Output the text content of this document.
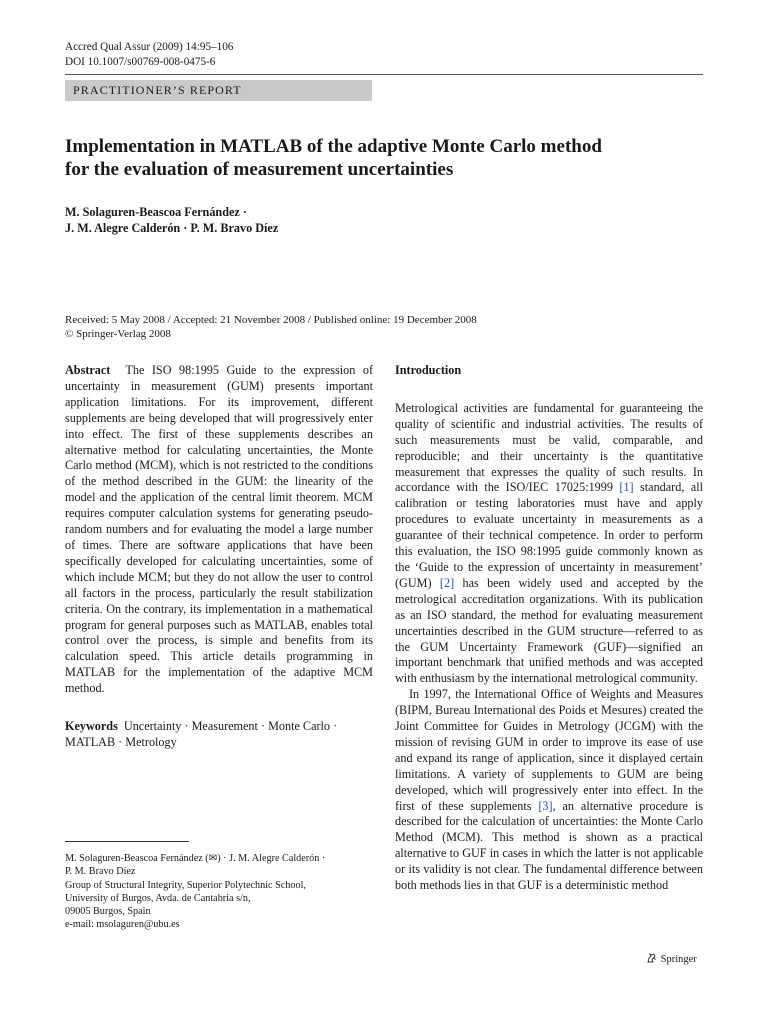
Accred Qual Assur (2009) 14:95–106
DOI 10.1007/s00769-008-0475-6
PRACTITIONER’S REPORT
Implementation in MATLAB of the adaptive Monte Carlo method
for the evaluation of measurement uncertainties
M. Solaguren-Beascoa Fernández ·
J. M. Alegre Calderón · P. M. Bravo Díez
Received: 5 May 2008 / Accepted: 21 November 2008 / Published online: 19 December 2008
© Springer-Verlag 2008

Abstract The ISO 98:1995 Guide to the expression of uncertainty in measurement (GUM) presents important application limitations. For its improvement, different supplements are being developed that will progressively enter into effect. The first of these supplements describes an alternative method for calculating uncertainties, the Monte Carlo method (MCM), which is not restricted to the conditions of the method described in the GUM: the linearity of the model and the application of the central limit theorem. MCM requires computer calculation systems for generating pseudo-random numbers and for evaluating the model a large number of times. There are software applications that have been specifically developed for calculating uncertainties, some of which include MCM; but they do not allow the user to control all factors in the process, particularly the result stabilization criteria. On the contrary, its implementation in a mathematical program for general purposes such as MATLAB, enables total control over the process, is simple and benefits from its calculation speed. This article details programming in MATLAB for the implementation of the adaptive MCM method.

Keywords Uncertainty · Measurement · Monte Carlo · MATLAB · Metrology
M. Solaguren-Beascoa Fernández (✉) · J. M. Alegre Calderón ·
P. M. Bravo Díez
Group of Structural Integrity, Superior Polytechnic School,
University of Burgos, Avda. de Cantabria s/n,
09005 Burgos, Spain
e-mail: msolaguren@ubu.es

Introduction

Metrological activities are fundamental for guaranteeing the quality of scientific and industrial activities. The results of such measurements must be valid, comparable, and reproducible; and their uncertainty is the quantitative measurement that expresses the quality of such results. In accordance with the ISO/IEC 17025:1999 [1] standard, all calibration or testing laboratories must have and apply procedures to evaluate uncertainty in measurements as a guarantee of their technical competence. In order to perform this evaluation, the ISO 98:1995 guide commonly known as the ‘Guide to the expression of uncertainty in measurement’ (GUM) [2] has been widely used and accepted by the metrological accreditation organizations. With its publication as an ISO standard, the method for evaluating measurement uncertainties described in the GUM structure—referred to as the GUM Uncertainty Framework (GUF)—signified an important benchmark that unified methods and was accepted with enthusiasm by the international metrological community.

In 1997, the International Office of Weights and Measures (BIPM, Bureau International des Poids et Mesures) created the Joint Committee for Guides in Metrology (JCGM) with the mission of revising GUM in order to improve its ease of use and expand its range of application, since it displayed certain limitations. A variety of supplements to GUM are being developed, which will progressively enter into effect. In the first of these supplements [3], an alternative procedure is described for the calculation of uncertainties: the Monte Carlo Method (MCM). This method is shown as a practical alternative to GUF in cases in which the latter is not applicable or its validity is not clear. The fundamental difference between both methods lies in that GUF is a deterministic method

Springer
